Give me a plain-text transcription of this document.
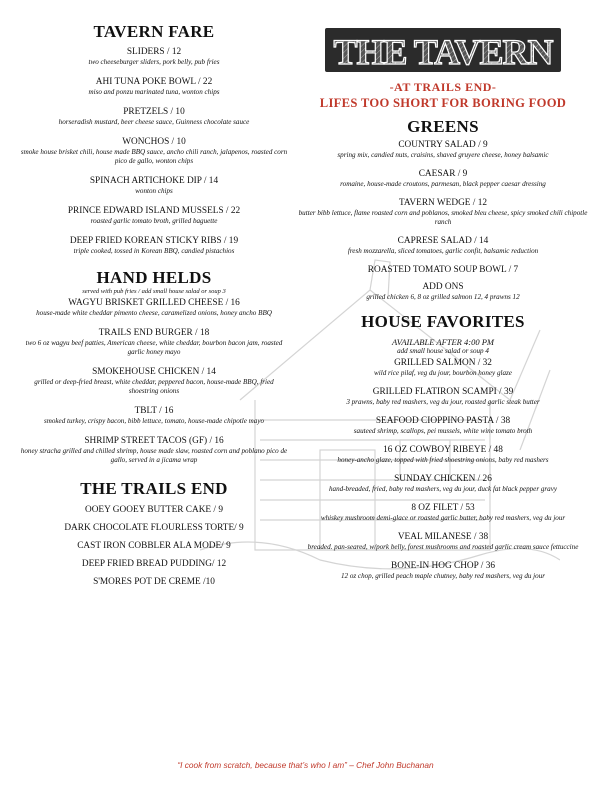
TAVERN FARE
SLIDERS / 12
two cheeseburger sliders, pork belly, pub fries
AHI TUNA POKE BOWL / 22
miso and ponzu marinated tuna, wonton chips
PRETZELS / 10
horseradish mustard, beer cheese sauce, Guinness chocolate sauce
WONCHOS / 10
smoke house brisket chili, house made BBQ sauce, ancho chili ranch, jalapenos, roasted corn pico de gallo, wonton chips
SPINACH ARTICHOKE DIP / 14
wonton chips
PRINCE EDWARD ISLAND MUSSELS / 22
roasted garlic tomato broth, grilled baguette
DEEP FRIED KOREAN STICKY RIBS / 19
triple cooked, tossed in Korean BBQ, candied pistachios
HAND HELDS

served with pub fries / add small house salad or soup 3

WAGYU BRISKET GRILLED CHEESE / 16
house-made white cheddar pimento cheese, caramelized onions, honey ancho BBQ
TRAILS END BURGER / 18
two 6 oz wagyu beef patties, American cheese, white cheddar, bourbon bacon jam, roasted garlic honey mayo
SMOKEHOUSE CHICKEN / 14
grilled or deep-fried breast, white cheddar, peppered bacon, house-made BBQ, fried shoestring onions
TBLT / 16
smoked turkey, crispy bacon, bibb lettuce, tomato, house-made chipotle mayo
SHRIMP STREET TACOS (GF) / 16
honey stracha grilled and chilled shrimp, house made slaw, roasted corn and poblano pico de gallo, served in a jicama wrap
THE TRAILS END
OOEY GOOEY BUTTER CAKE / 9
DARK CHOCOLATE FLOURLESS TORTE/ 9
CAST IRON COBBLER ALA MODE/ 9
DEEP FRIED BREAD PUDDING/ 12
S'MORES POT DE CREME /10
THE TAVERN
-AT TRAILS END-
LIFES TOO SHORT FOR BORING FOOD
GREENS
COUNTRY SALAD / 9
spring mix, candied nuts, craisins, shaved gruyere cheese, honey balsamic
CAESAR / 9
romaine, house-made croutons, parmesan, black pepper caesar dressing
TAVERN WEDGE / 12
butter bibb lettuce, flame roasted corn and poblanos, smoked bleu cheese, spicy smoked chili chipotle ranch
CAPRESE SALAD / 14
fresh mozzarella, sliced tomatoes, garlic confit, balsamic reduction
ROASTED TOMATO SOUP BOWL / 7
ADD ONS
grilled chicken 6, 8 oz grilled salmon 12, 4 prawns 12
HOUSE FAVORITES
AVAILABLE AFTER 4:00 PM
add small house salad or soup 4
GRILLED SALMON / 32
wild rice pilaf, veg du jour, bourbon honey glaze
GRILLED FLATIRON SCAMPI / 39
3 prawns, baby red mashers, veg du jour, roasted garlic steak butter
SEAFOOD CIOPPINO PASTA / 38
sauteed shrimp, scallops, pei mussels, white wine tomato broth
16 OZ COWBOY RIBEYE / 48
honey-ancho glaze, topped with fried shoestring onions, baby red mashers
SUNDAY CHICKEN / 26
hand-breaded, fried, baby red mashers, veg du jour, duck fat black pepper gravy
8 OZ FILET / 53
whiskey mushroom demi-glace or roasted garlic butter, baby red mashers, veg du jour
VEAL MILANESE / 38
breaded. pan-seared, w/pork belly, forest mushrooms and roasted garlic cream sauce fettuccine
BONE-IN HOG CHOP / 36
12 oz chop, grilled peach maple chutney, baby red mashers, veg du jour
“I cook from scratch, because that’s who I am” – Chef John Buchanan
